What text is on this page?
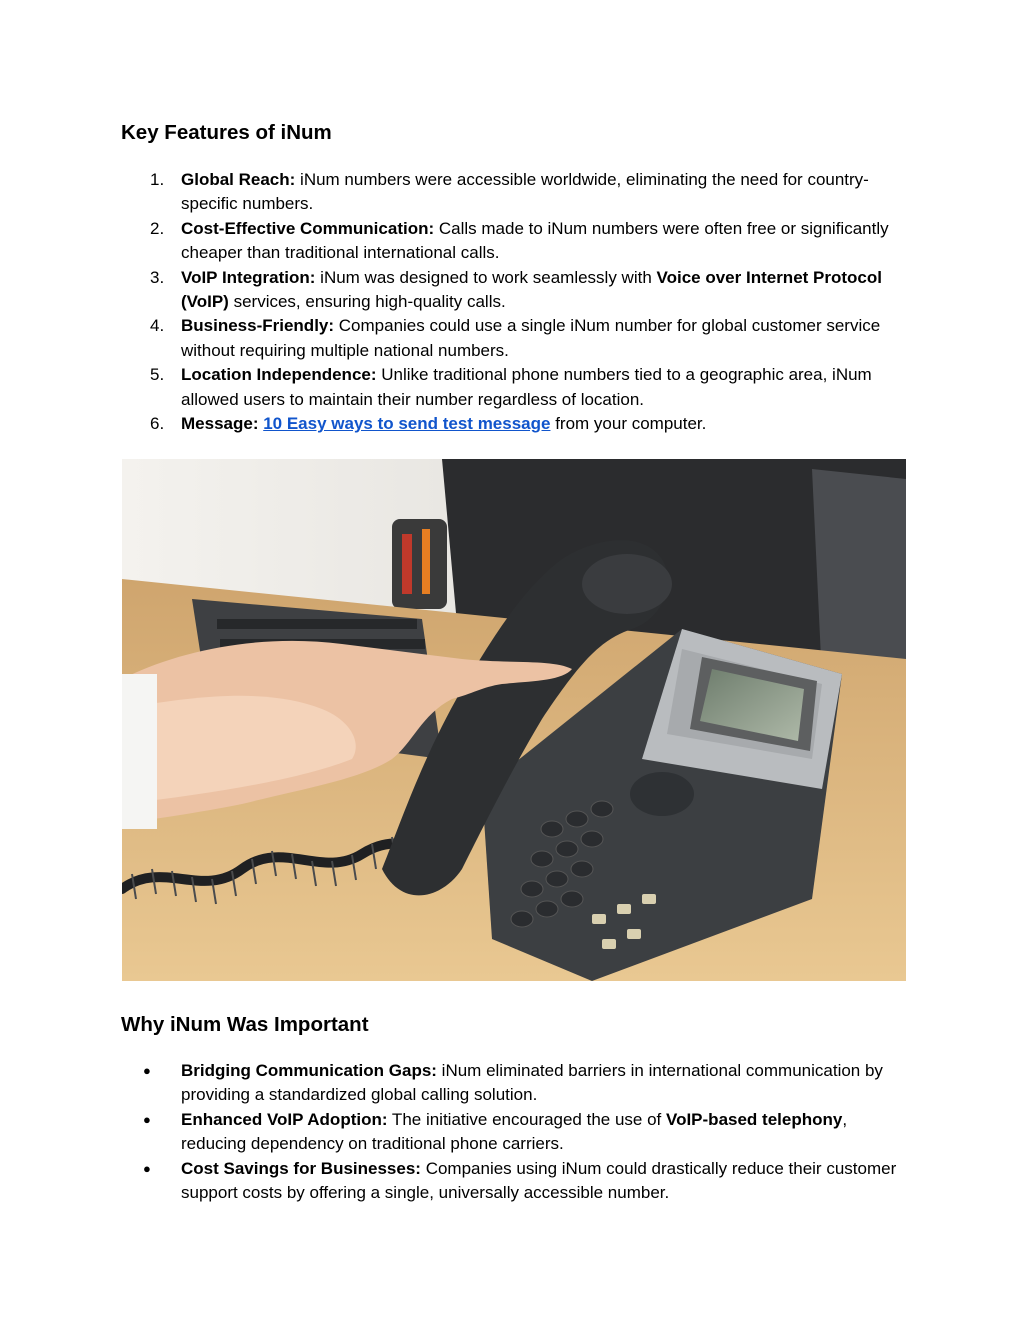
Key Features of iNum
1. Global Reach: iNum numbers were accessible worldwide, eliminating the need for country-specific numbers.
2. Cost-Effective Communication: Calls made to iNum numbers were often free or significantly cheaper than traditional international calls.
3. VoIP Integration: iNum was designed to work seamlessly with Voice over Internet Protocol (VoIP) services, ensuring high-quality calls.
4. Business-Friendly: Companies could use a single iNum number for global customer service without requiring multiple national numbers.
5. Location Independence: Unlike traditional phone numbers tied to a geographic area, iNum allowed users to maintain their number regardless of location.
6. Message: 10 Easy ways to send test message from your computer.
Why iNum Was Important
●	Bridging Communication Gaps: iNum eliminated barriers in international communication by providing a standardized global calling solution.
●	Enhanced VoIP Adoption: The initiative encouraged the use of VoIP-based telephony, reducing dependency on traditional phone carriers.
●	Cost Savings for Businesses: Companies using iNum could drastically reduce their customer support costs by offering a single, universally accessible number.
